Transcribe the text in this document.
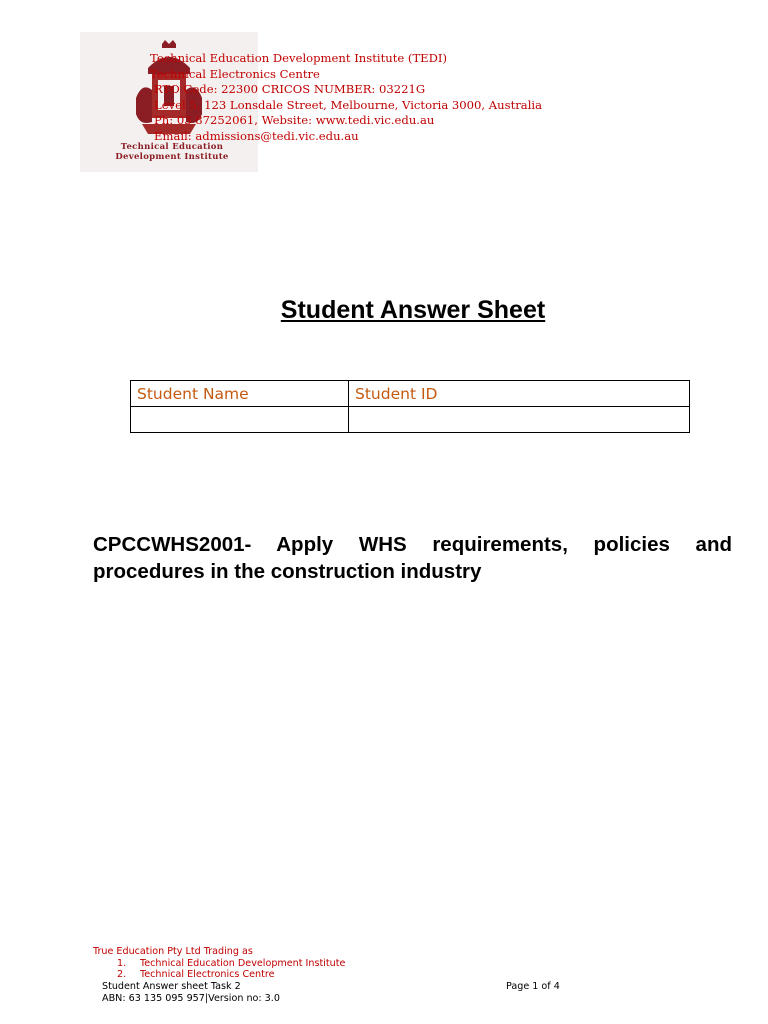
Technical Education
Development Institute
Technical Education Development Institute (TEDI)
Technical Electronics Centre
RTO Code: 22300 CRICOS NUMBER: 03221G
Level 5, 123 Lonsdale Street, Melbourne, Victoria 3000, Australia
Ph: 03 87252061, Website: www.tedi.vic.edu.au
Email: admissions@tedi.vic.edu.au
Student Answer Sheet
Student Name	Student ID

CPCCWHS2001- Apply WHS requirements, policies and procedures in the construction industry
True Education Pty Ltd Trading as
1. Technical Education Development Institute
2. Technical Electronics Centre
Student Answer sheet Task 2	Page 1 of 4
ABN: 63 135 095 957|Version no: 3.0
